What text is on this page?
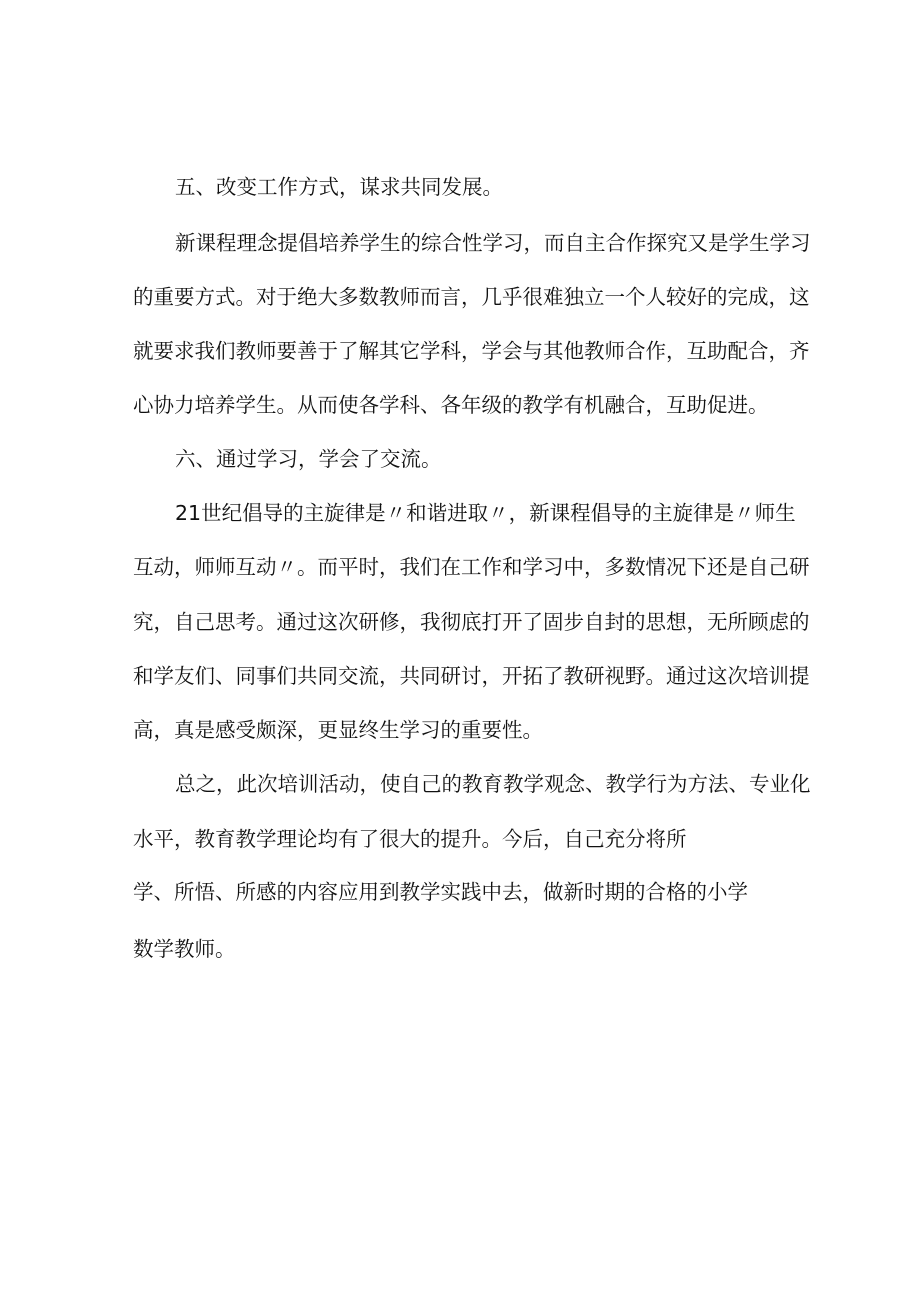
五、改变工作方式，谋求共同发展。

新课程理念提倡培养学生的综合性学习，而自主合作探究又是学生学习

的重要方式。对于绝大多数教师而言，几乎很难独立一个人较好的完成，这

就要求我们教师要善于了解其它学科，学会与其他教师合作，互助配合，齐

心协力培养学生。从而使各学科、各年级的教学有机融合，互助促进。

六、通过学习，学会了交流。

21世纪倡导的主旋律是〃和谐进取〃，新课程倡导的主旋律是〃师生

互动，师师互动〃。而平时，我们在工作和学习中，多数情况下还是自己研

究，自己思考。通过这次研修，我彻底打开了固步自封的思想，无所顾虑的

和学友们、同事们共同交流，共同研讨，开拓了教研视野。通过这次培训提

高，真是感受颇深，更显终生学习的重要性。

总之，此次培训活动，使自己的教育教学观念、教学行为方法、专业化

水平，教育教学理论均有了很大的提升。今后，自己充分将所

学、所悟、所感的内容应用到教学实践中去，做新时期的合格的小学

数学教师。
